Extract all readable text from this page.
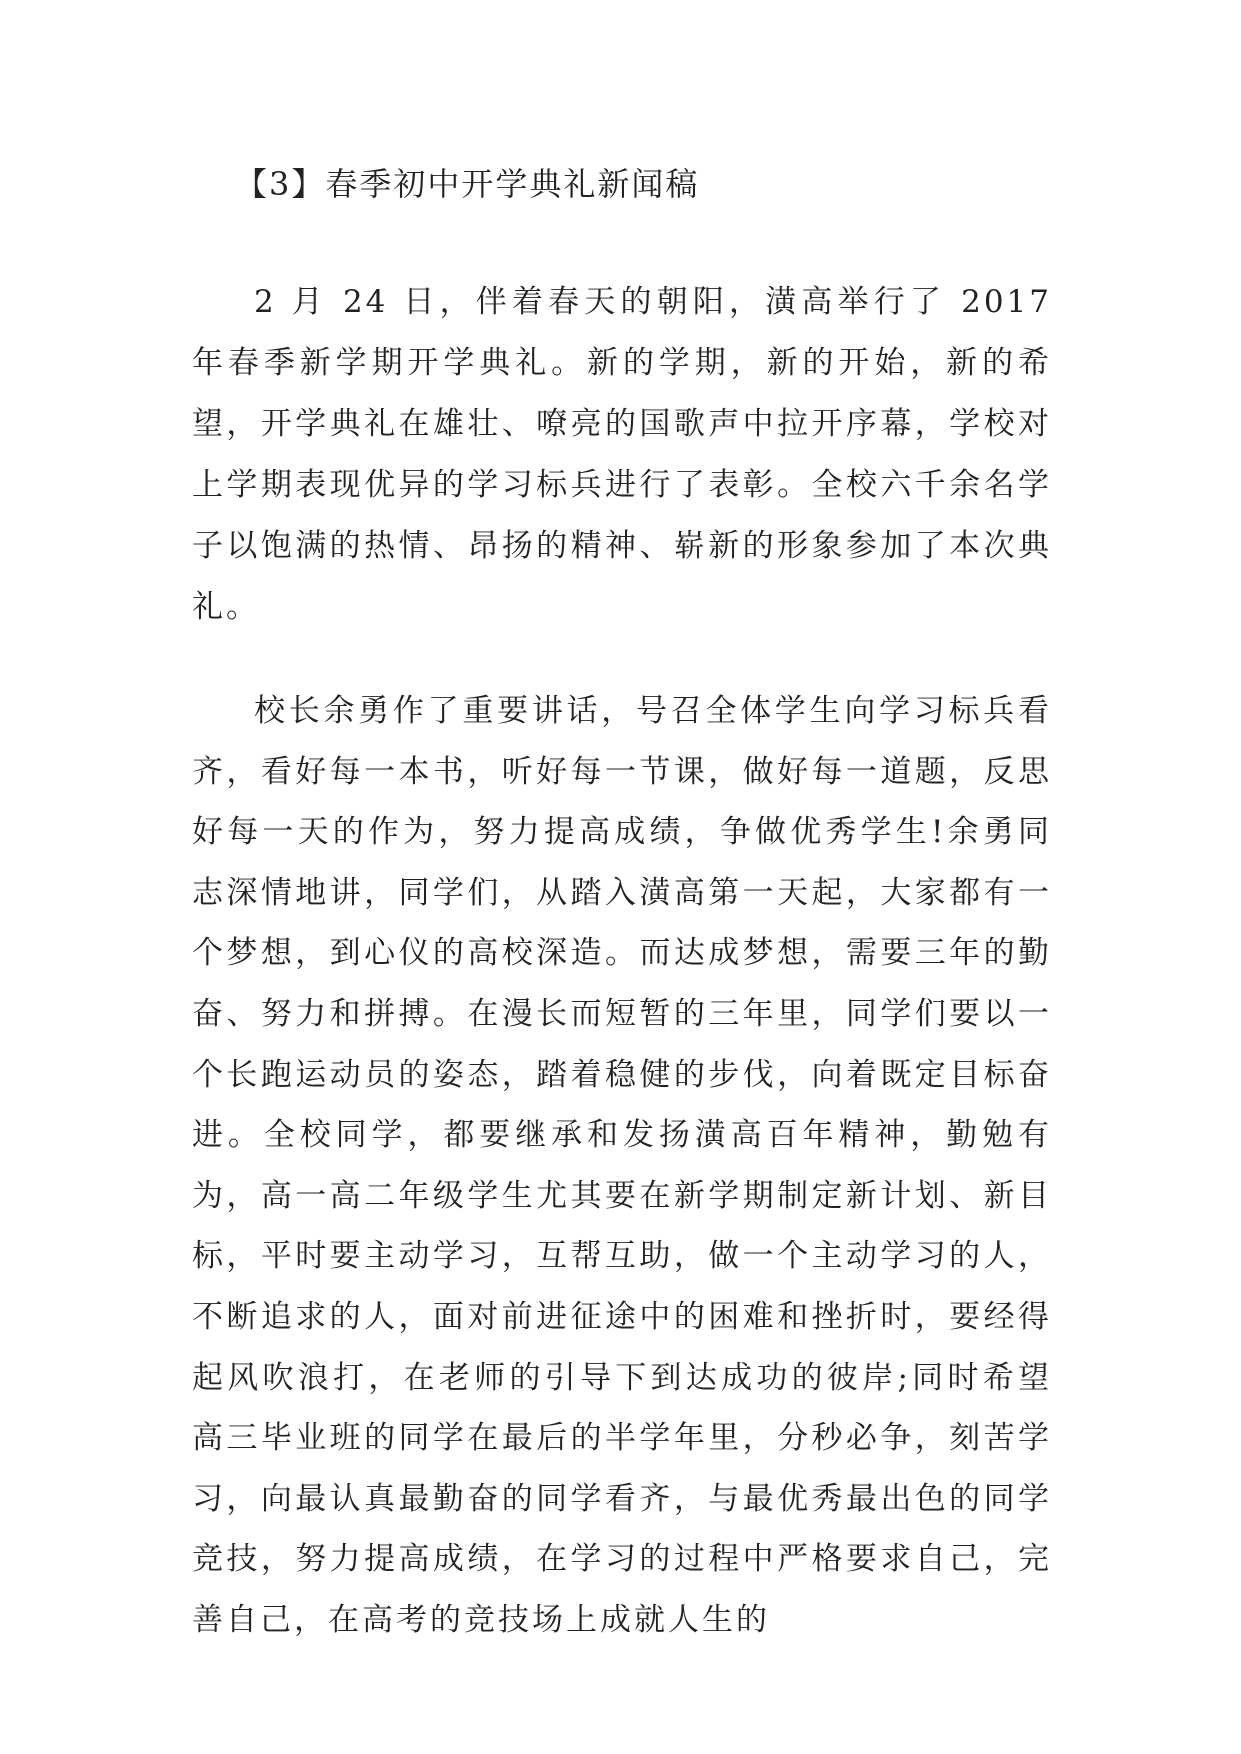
【3】春季初中开学典礼新闻稿

2 月 24 日，伴着春天的朝阳，潢高举行了 2017 年春季新学期开学典礼。新的学期，新的开始，新的希望，开学典礼在雄壮、嘹亮的国歌声中拉开序幕，学校对上学期表现优异的学习标兵进行了表彰。全校六千余名学子以饱满的热情、昂扬的精神、崭新的形象参加了本次典礼。

校长余勇作了重要讲话，号召全体学生向学习标兵看齐，看好每一本书，听好每一节课，做好每一道题，反思好每一天的作为，努力提高成绩，争做优秀学生!余勇同志深情地讲，同学们，从踏入潢高第一天起，大家都有一个梦想，到心仪的高校深造。而达成梦想，需要三年的勤奋、努力和拼搏。在漫长而短暂的三年里，同学们要以一个长跑运动员的姿态，踏着稳健的步伐，向着既定目标奋进。全校同学，都要继承和发扬潢高百年精神，勤勉有为，高一高二年级学生尤其要在新学期制定新计划、新目标，平时要主动学习，互帮互助，做一个主动学习的人，不断追求的人，面对前进征途中的困难和挫折时，要经得起风吹浪打，在老师的引导下到达成功的彼岸;同时希望高三毕业班的同学在最后的半学年里，分秒必争，刻苦学习，向最认真最勤奋的同学看齐，与最优秀最出色的同学竞技，努力提高成绩，在学习的过程中严格要求自己，完善自己，在高考的竞技场上成就人生的
